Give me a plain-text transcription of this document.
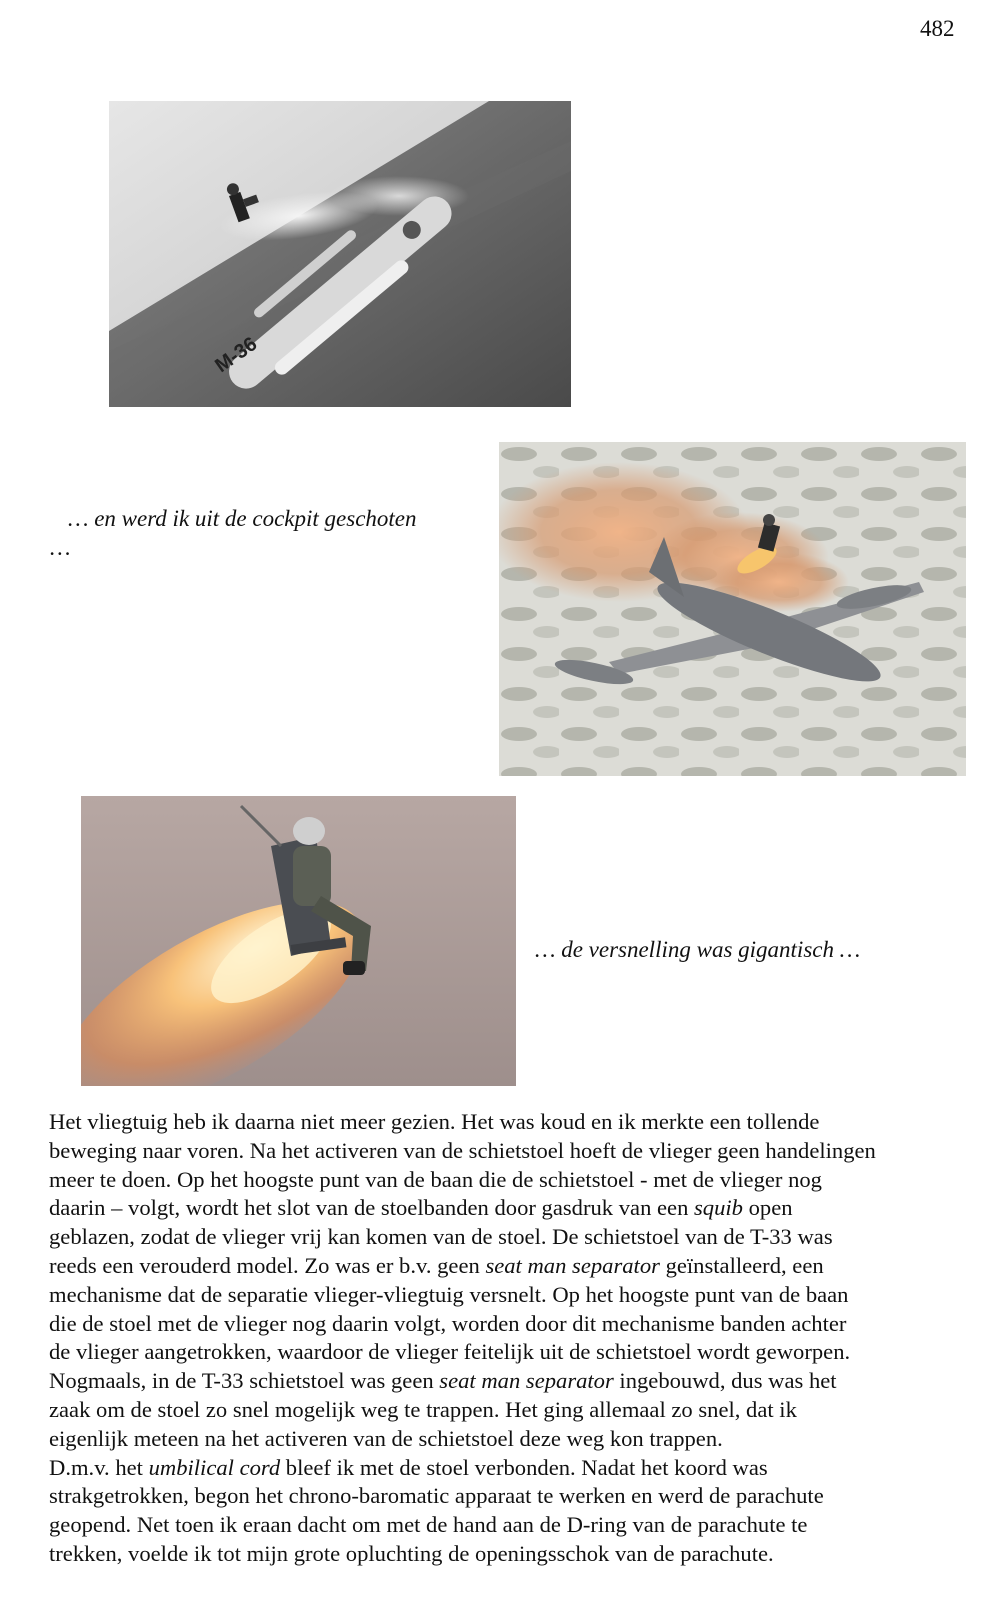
482
M-36
… en werd ik uit de cockpit geschoten
…
… de versnelling was gigantisch …
Het vliegtuig heb ik daarna niet meer gezien. Het was koud en ik merkte een tollende
beweging naar voren. Na het activeren van de schietstoel hoeft de vlieger geen handelingen
meer te doen. Op het hoogste punt van de baan die de schietstoel - met de vlieger nog
daarin – volgt, wordt het slot van de stoelbanden door gasdruk van een squib open
geblazen, zodat de vlieger vrij kan komen van de stoel. De schietstoel van de T-33 was
reeds een verouderd model. Zo was er b.v. geen seat man separator geïnstalleerd, een
mechanisme dat de separatie vlieger-vliegtuig versnelt. Op het hoogste punt van de baan
die de stoel met de vlieger nog daarin volgt, worden door dit mechanisme banden achter
de vlieger aangetrokken, waardoor de vlieger feitelijk uit de schietstoel wordt geworpen.
Nogmaals, in de T-33 schietstoel was geen seat man separator ingebouwd, dus was het
zaak om de stoel zo snel mogelijk weg te trappen. Het ging allemaal zo snel, dat ik
eigenlijk meteen na het activeren van de schietstoel deze weg kon trappen.
D.m.v. het umbilical cord bleef ik met de stoel verbonden. Nadat het koord was
strakgetrokken, begon het chrono-baromatic apparaat te werken en werd de parachute
geopend. Net toen ik eraan dacht om met de hand aan de D-ring van de parachute te
trekken, voelde ik tot mijn grote opluchting de openingsschok van de parachute.
